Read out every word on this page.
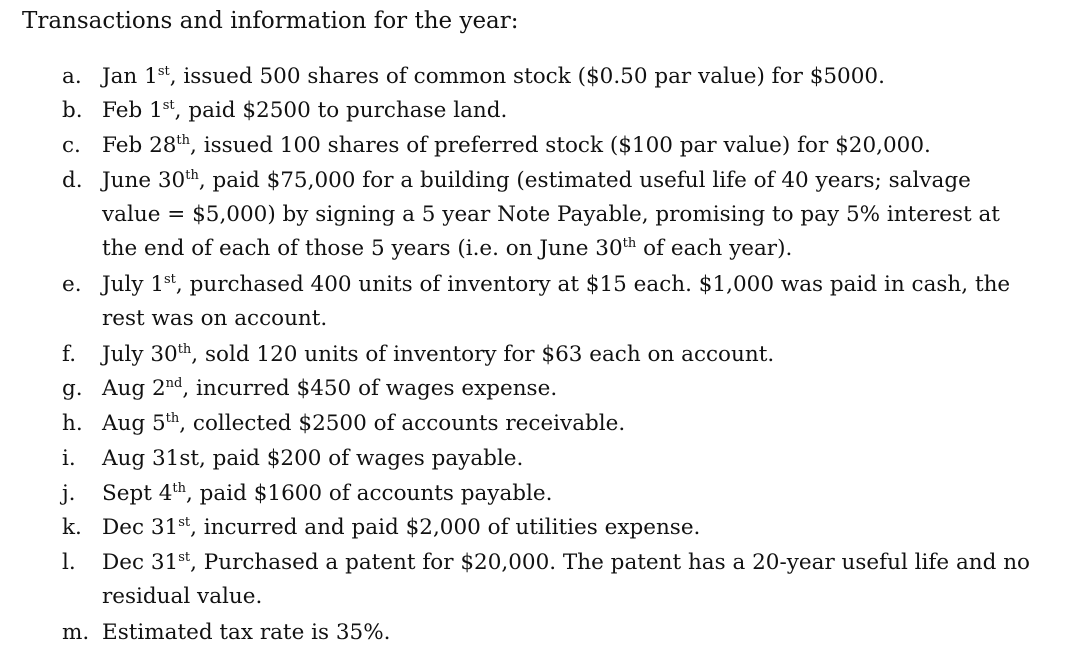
Transactions and information for the year:
a. Jan 1st, issued 500 shares of common stock ($0.50 par value) for $5000.
b. Feb 1st, paid $2500 to purchase land.
c. Feb 28th, issued 100 shares of preferred stock ($100 par value) for $20,000.
d. June 30th, paid $75,000 for a building (estimated useful life of 40 years; salvage
value = $5,000) by signing a 5 year Note Payable, promising to pay 5% interest at
the end of each of those 5 years (i.e. on June 30th of each year).
e. July 1st, purchased 400 units of inventory at $15 each. $1,000 was paid in cash, the
rest was on account.
f.	July 30th, sold 120 units of inventory for $63 each on account.
g. Aug 2nd, incurred $450 of wages expense.
h. Aug 5th, collected $2500 of accounts receivable.
i.	Aug 31st, paid $200 of wages payable.
j.	Sept 4th, paid $1600 of accounts payable.
k. Dec 31st, incurred and paid $2,000 of utilities expense.
l.	Dec 31st, Purchased a patent for $20,000. The patent has a 20-year useful life and no
residual value.
m. Estimated tax rate is 35%.
